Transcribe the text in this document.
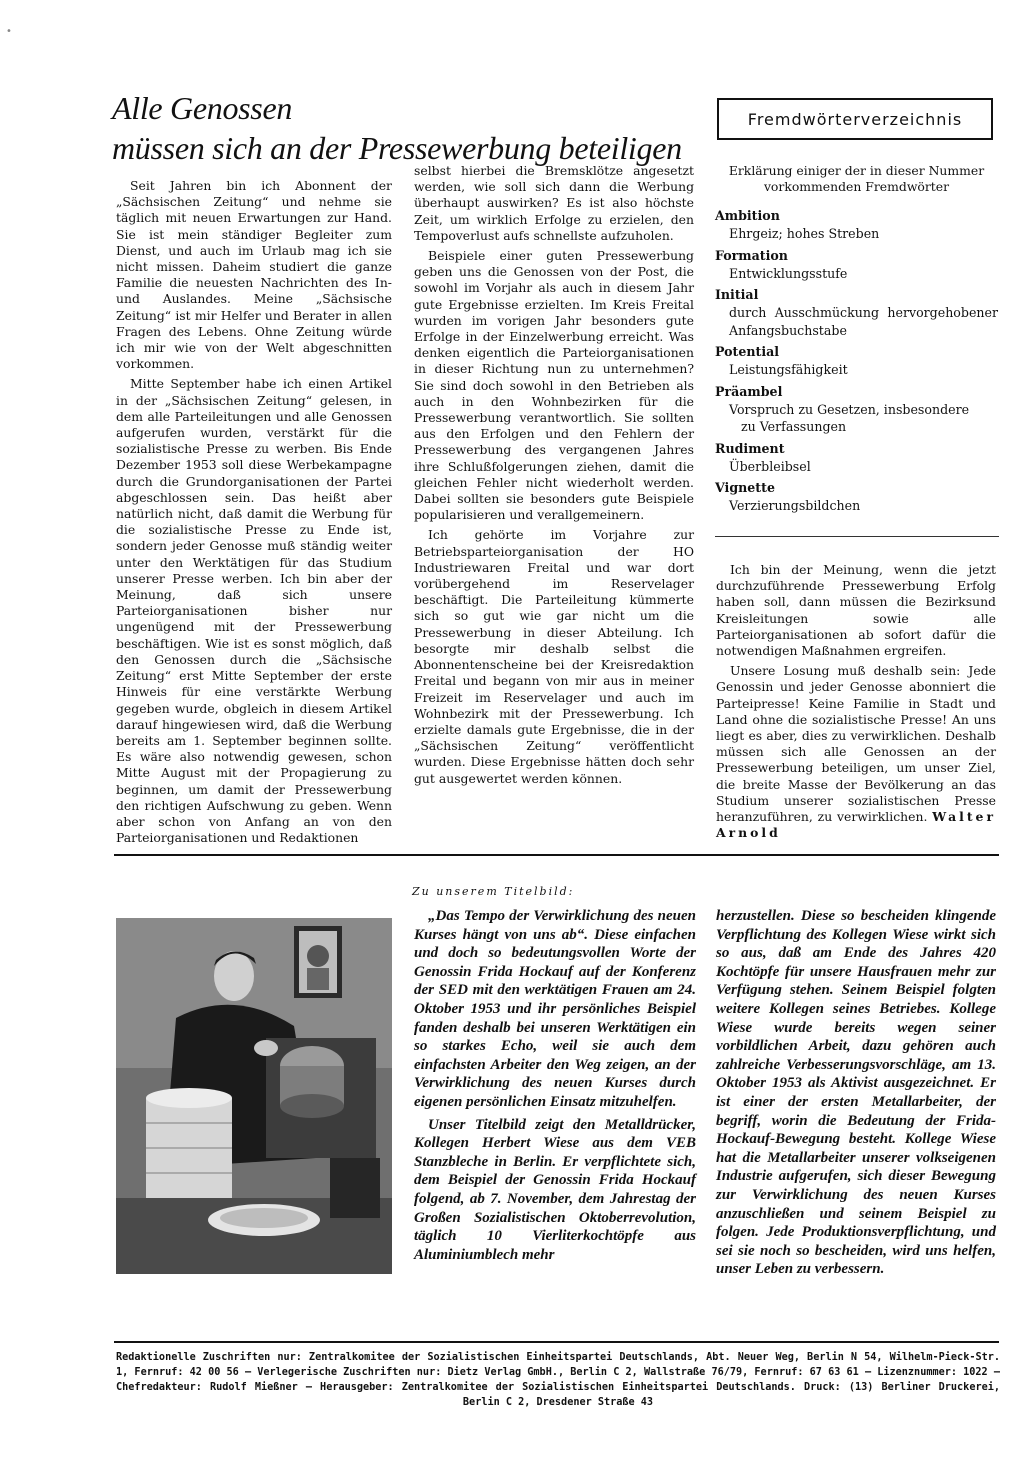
•
Alle Genossen
müssen sich an der Pressewerbung beteiligen
Fremdwörterverzeichnis

Seit Jahren bin ich Abonnent der „Sächsischen Zeitung“ und nehme sie täglich mit neuen Erwartungen zur Hand. Sie ist mein ständiger Begleiter zum Dienst, und auch im Urlaub mag ich sie nicht missen. Daheim studiert die ganze Familie die neuesten Nachrichten des In- und Auslandes. Meine „Sächsische Zeitung“ ist mir Helfer und Berater in allen Fragen des Lebens. Ohne Zeitung würde ich mir wie von der Welt abgeschnitten vorkommen.

Mitte September habe ich einen Artikel in der „Sächsischen Zeitung“ gelesen, in dem alle Parteileitungen und alle Genossen aufgerufen wurden, verstärkt für die sozialistische Presse zu werben. Bis Ende Dezember 1953 soll diese Werbekampagne durch die Grundorganisationen der Partei abgeschlossen sein. Das heißt aber natürlich nicht, daß damit die Werbung für die sozialistische Presse zu Ende ist, sondern jeder Genosse muß ständig weiter unter den Werktätigen für das Studium unserer Presse werben. Ich bin aber der Meinung, daß sich unsere Parteiorganisationen bisher nur ungenügend mit der Pressewerbung beschäftigen. Wie ist es sonst möglich, daß den Genossen durch die „Sächsische Zeitung“ erst Mitte September der erste Hinweis für eine verstärkte Werbung gegeben wurde, obgleich in diesem Artikel darauf hingewiesen wird, daß die Werbung bereits am 1. September beginnen sollte. Es wäre also notwendig gewesen, schon Mitte August mit der Propagierung zu beginnen, um damit der Pressewerbung den richtigen Aufschwung zu geben. Wenn aber schon von Anfang an von den Parteiorganisationen und Redaktionen

selbst hierbei die Bremsklötze angesetzt werden, wie soll sich dann die Werbung überhaupt auswirken? Es ist also höchste Zeit, um wirklich Erfolge zu erzielen, den Tempoverlust aufs schnellste aufzuholen.

Beispiele einer guten Pressewerbung geben uns die Genossen von der Post, die sowohl im Vorjahr als auch in diesem Jahr gute Ergebnisse erzielten. Im Kreis Freital wurden im vorigen Jahr besonders gute Erfolge in der Einzelwerbung erreicht. Was denken eigentlich die Parteiorganisationen in dieser Richtung nun zu unternehmen? Sie sind doch sowohl in den Betrieben als auch in den Wohnbezirken für die Pressewerbung verantwortlich. Sie sollten aus den Erfolgen und den Fehlern der Pressewerbung des vergangenen Jahres ihre Schlußfolgerungen ziehen, damit die gleichen Fehler nicht wiederholt werden. Dabei sollten sie besonders gute Beispiele popularisieren und verallgemeinern.

Ich gehörte im Vorjahre zur Betriebsparteiorganisation der HO Industriewaren Freital und war dort vorübergehend im Reservelager beschäftigt. Die Parteileitung kümmerte sich so gut wie gar nicht um die Pressewerbung in dieser Abteilung. Ich besorgte mir deshalb selbst die Abonnentenscheine bei der Kreisredaktion Freital und begann von mir aus in meiner Freizeit im Reservelager und auch im Wohnbezirk mit der Pressewerbung. Ich erzielte damals gute Ergebnisse, die in der „Sächsischen Zeitung“ veröffentlicht wurden. Diese Ergebnisse hätten doch sehr gut ausgewertet werden können.

Erklärung einiger der in dieser Nummer vorkommenden Fremdwörter
Ambition
Ehrgeiz; hohes Streben
Formation
Entwicklungsstufe
Initial
durch Ausschmückung hervorgehobener Anfangsbuchstabe
Potential
Leistungsfähigkeit
Präambel
Vorspruch zu Gesetzen, insbesondere
zu Verfassungen
Rudiment
Überbleibsel
Vignette
Verzierungsbildchen

Ich bin der Meinung, wenn die jetzt durchzuführende Pressewerbung Erfolg haben soll, dann müssen die Bezirksund Kreisleitungen sowie alle Parteiorganisationen ab sofort dafür die notwendigen Maßnahmen ergreifen.

Unsere Losung muß deshalb sein: Jede Genossin und jeder Genosse abonniert die Parteipresse! Keine Familie in Stadt und Land ohne die sozialistische Presse! An uns liegt es aber, dies zu verwirklichen. Deshalb müssen sich alle Genossen an der Pressewerbung beteiligen, um unser Ziel, die breite Masse der Bevölkerung an das Studium unserer sozialistischen Presse heranzuführen, zu verwirklichen. Walter Arnold

Zu unserem Titelbild:

„Das Tempo der Verwirklichung des neuen Kurses hängt von uns ab“. Diese einfachen und doch so bedeutungsvollen Worte der Genossin Frida Hockauf auf der Konferenz der SED mit den werktätigen Frauen am 24. Oktober 1953 und ihr persönliches Beispiel fanden deshalb bei unseren Werktätigen ein so starkes Echo, weil sie auch dem einfachsten Arbeiter den Weg zeigen, an der Verwirklichung des neuen Kurses durch eigenen persönlichen Einsatz mitzuhelfen.

Unser Titelbild zeigt den Metalldrücker, Kollegen Herbert Wiese aus dem VEB Stanzbleche in Berlin. Er verpflichtete sich, dem Beispiel der Genossin Frida Hockauf folgend, ab 7. November, dem Jahrestag der Großen Sozialistischen Oktoberrevolution, täglich 10 Vierliterkochtöpfe aus Aluminiumblech mehr

herzustellen. Diese so bescheiden klingende Verpflichtung des Kollegen Wiese wirkt sich so aus, daß am Ende des Jahres 420 Kochtöpfe für unsere Hausfrauen mehr zur Verfügung stehen. Seinem Beispiel folgten weitere Kollegen seines Betriebes. Kollege Wiese wurde bereits wegen seiner vorbildlichen Arbeit, dazu gehören auch zahlreiche Verbesserungsvorschläge, am 13. Oktober 1953 als Aktivist ausgezeichnet. Er ist einer der ersten Metallarbeiter, der begriff, worin die Bedeutung der Frida-Hockauf-Bewegung besteht. Kollege Wiese hat die Metallarbeiter unserer volkseigenen Industrie aufgerufen, sich dieser Bewegung zur Verwirklichung des neuen Kurses anzuschließen und seinem Beispiel zu folgen. Jede Produktionsverpflichtung, und sei sie noch so bescheiden, wird uns helfen, unser Leben zu verbessern.

Redaktionelle Zuschriften nur: Zentralkomitee der Sozialistischen Einheitspartei Deutschlands, Abt. Neuer Weg, Berlin N 54, Wilhelm-Pieck-Str. 1, Fernruf: 42 00 56 — Verlegerische Zuschriften nur: Dietz Verlag GmbH., Berlin C 2, Wallstraße 76/79, Fernruf: 67 63 61 — Lizenznummer: 1022 — Chefredakteur: Rudolf Mießner — Herausgeber: Zentralkomitee der Sozialistischen Einheitspartei Deutschlands. Druck: (13) Berliner Druckerei, Berlin C 2, Dresdener Straße 43
